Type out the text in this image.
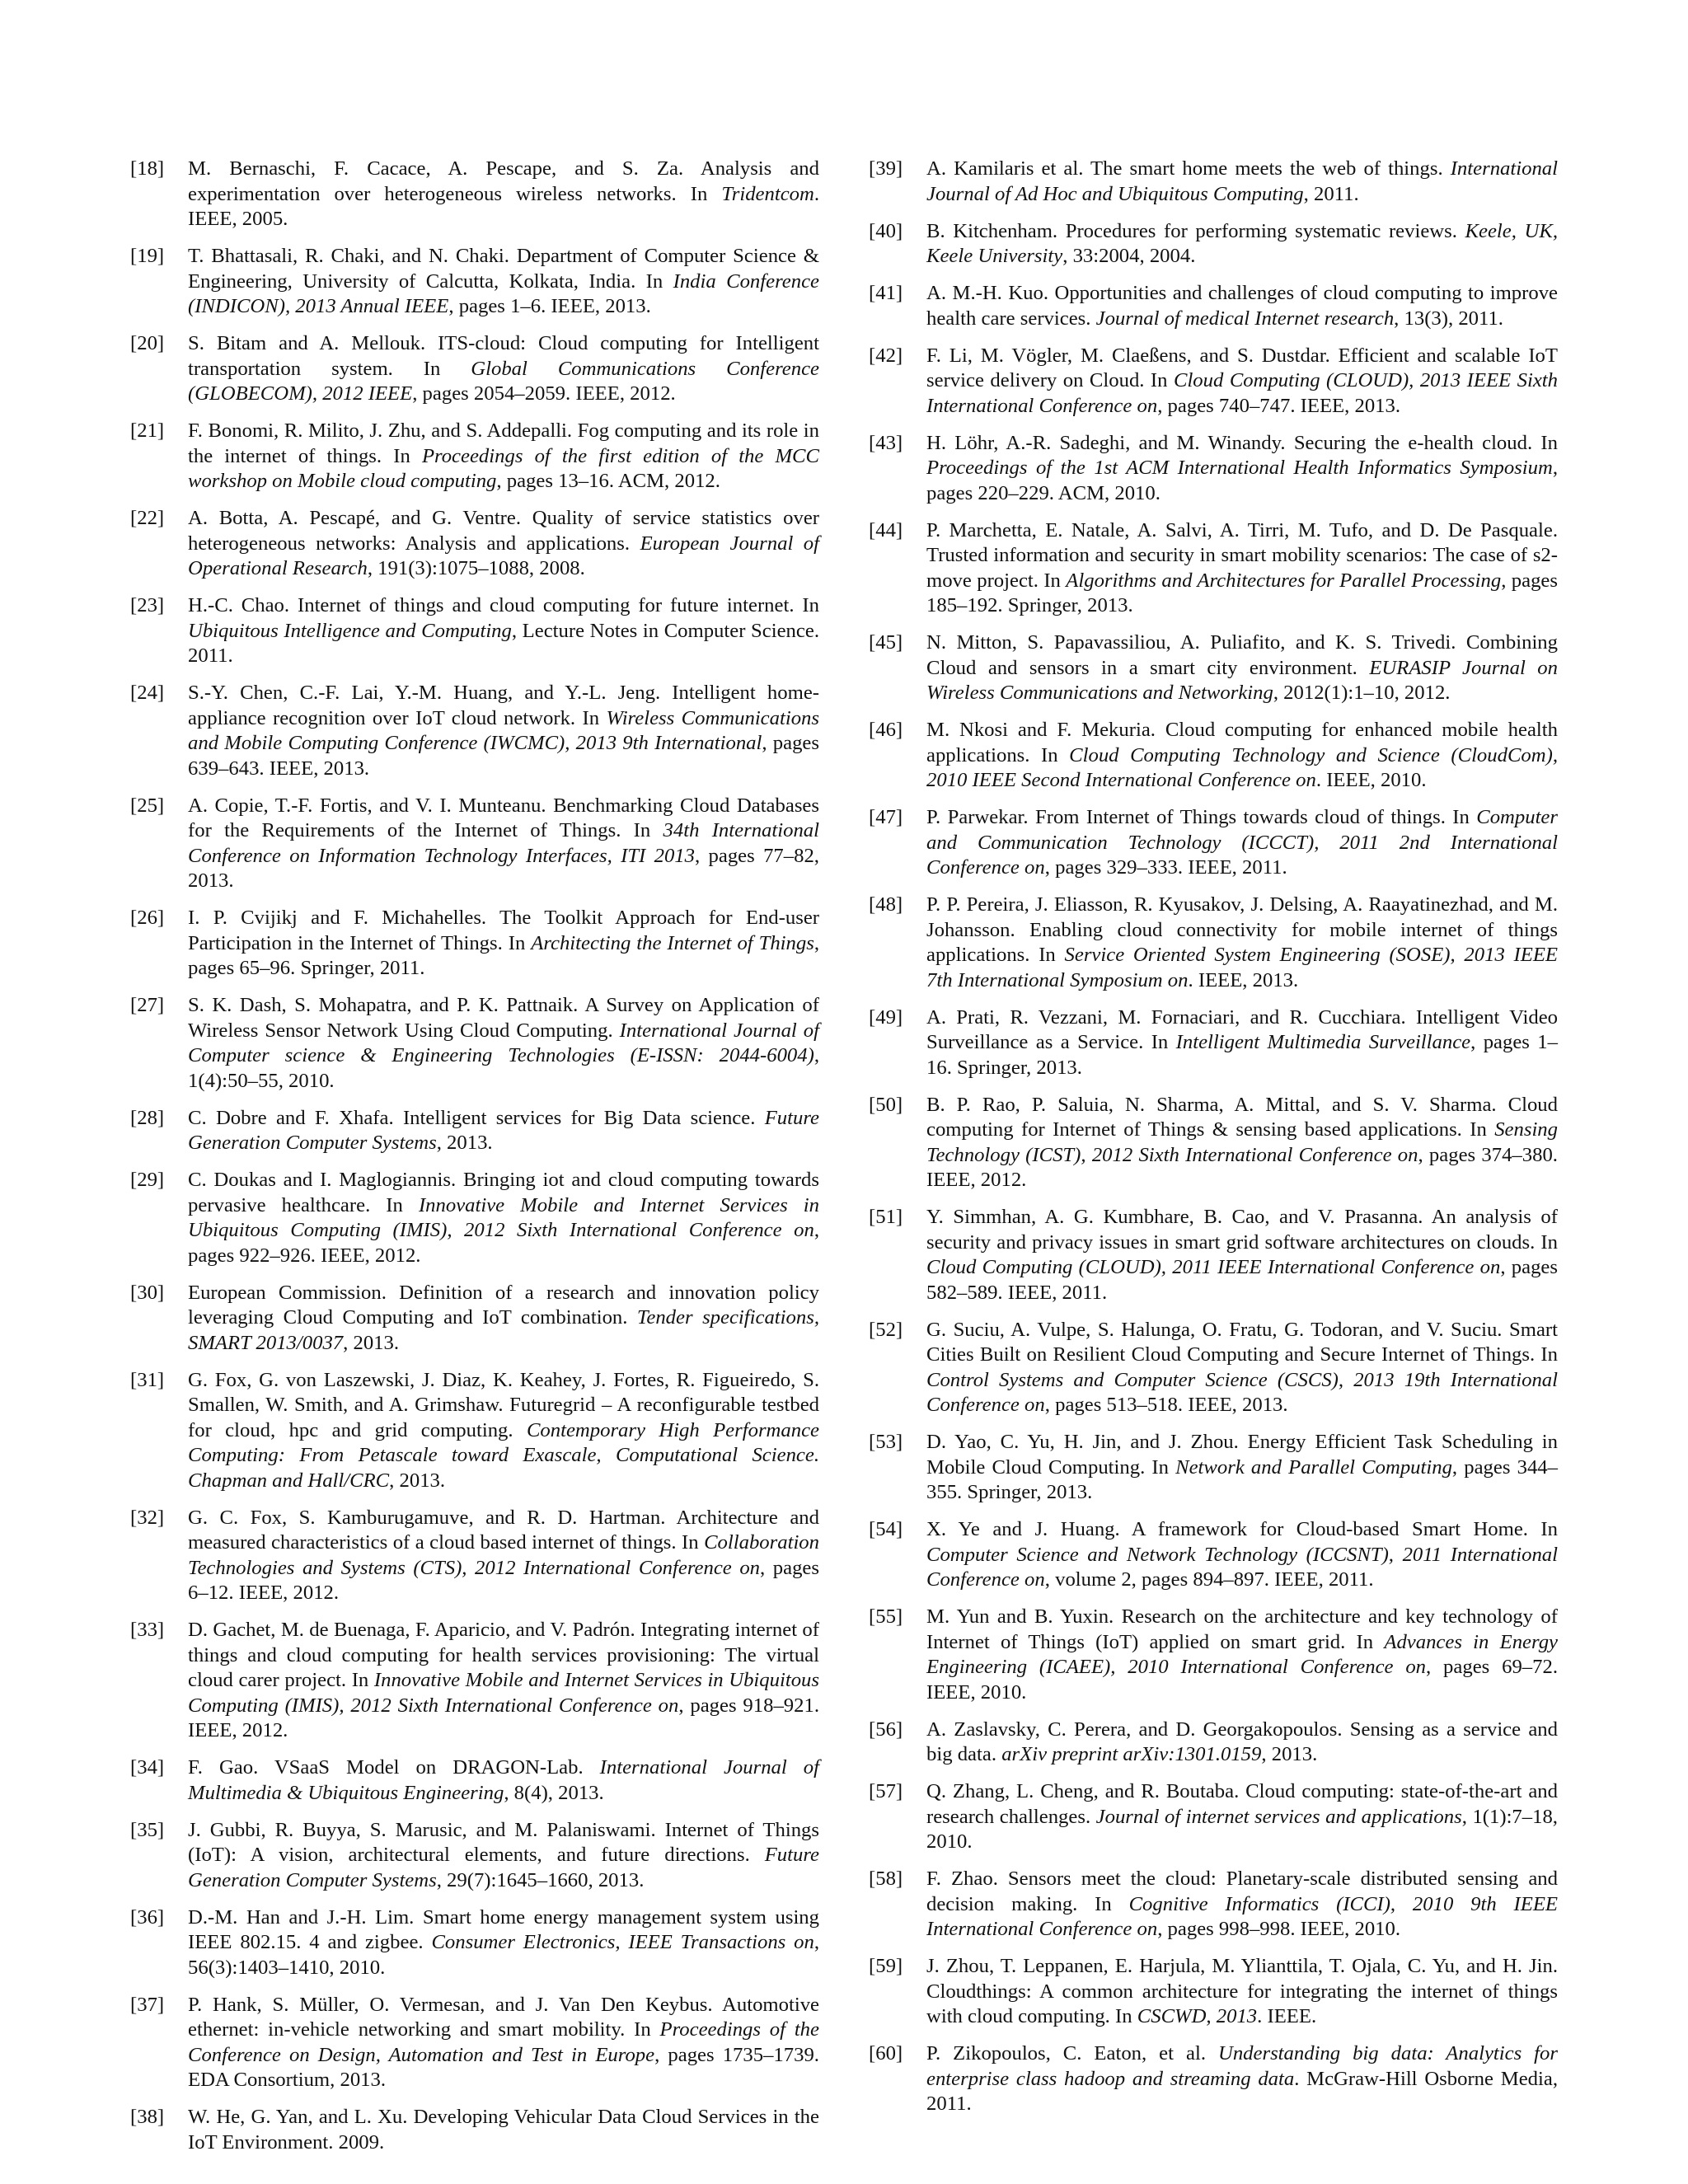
[18] M. Bernaschi, F. Cacace, A. Pescape, and S. Za. Analysis and experimentation over heterogeneous wireless networks. In Tridentcom. IEEE, 2005.
[19] T. Bhattasali, R. Chaki, and N. Chaki. Department of Computer Science & Engineering, University of Calcutta, Kolkata, India. In India Conference (INDICON), 2013 Annual IEEE, pages 1–6. IEEE, 2013.
[20] S. Bitam and A. Mellouk. ITS-cloud: Cloud computing for Intelligent transportation system. In Global Communications Conference (GLOBECOM), 2012 IEEE, pages 2054–2059. IEEE, 2012.
[21] F. Bonomi, R. Milito, J. Zhu, and S. Addepalli. Fog computing and its role in the internet of things. In Proceedings of the first edition of the MCC workshop on Mobile cloud computing, pages 13–16. ACM, 2012.
[22] A. Botta, A. Pescapé, and G. Ventre. Quality of service statistics over heterogeneous networks: Analysis and applications. European Journal of Operational Research, 191(3):1075–1088, 2008.
[23] H.-C. Chao. Internet of things and cloud computing for future internet. In Ubiquitous Intelligence and Computing, Lecture Notes in Computer Science. 2011.
[24] S.-Y. Chen, C.-F. Lai, Y.-M. Huang, and Y.-L. Jeng. Intelligent home-appliance recognition over IoT cloud network. In Wireless Communications and Mobile Computing Conference (IWCMC), 2013 9th International, pages 639–643. IEEE, 2013.
[25] A. Copie, T.-F. Fortis, and V. I. Munteanu. Benchmarking Cloud Databases for the Requirements of the Internet of Things. In 34th International Conference on Information Technology Interfaces, ITI 2013, pages 77–82, 2013.
[26] I. P. Cvijikj and F. Michahelles. The Toolkit Approach for End-user Participation in the Internet of Things. In Architecting the Internet of Things, pages 65–96. Springer, 2011.
[27] S. K. Dash, S. Mohapatra, and P. K. Pattnaik. A Survey on Application of Wireless Sensor Network Using Cloud Computing. International Journal of Computer science & Engineering Technologies (E-ISSN: 2044-6004), 1(4):50–55, 2010.
[28] C. Dobre and F. Xhafa. Intelligent services for Big Data science. Future Generation Computer Systems, 2013.
[29] C. Doukas and I. Maglogiannis. Bringing iot and cloud computing towards pervasive healthcare. In Innovative Mobile and Internet Services in Ubiquitous Computing (IMIS), 2012 Sixth International Conference on, pages 922–926. IEEE, 2012.
[30] European Commission. Definition of a research and innovation policy leveraging Cloud Computing and IoT combination. Tender specifications, SMART 2013/0037, 2013.
[31] G. Fox, G. von Laszewski, J. Diaz, K. Keahey, J. Fortes, R. Figueiredo, S. Smallen, W. Smith, and A. Grimshaw. Futuregrid – A reconfigurable testbed for cloud, hpc and grid computing. Contemporary High Performance Computing: From Petascale toward Exascale, Computational Science. Chapman and Hall/CRC, 2013.
[32] G. C. Fox, S. Kamburugamuve, and R. D. Hartman. Architecture and measured characteristics of a cloud based internet of things. In Collaboration Technologies and Systems (CTS), 2012 International Conference on, pages 6–12. IEEE, 2012.
[33] D. Gachet, M. de Buenaga, F. Aparicio, and V. Padrón. Integrating internet of things and cloud computing for health services provisioning: The virtual cloud carer project. In Innovative Mobile and Internet Services in Ubiquitous Computing (IMIS), 2012 Sixth International Conference on, pages 918–921. IEEE, 2012.
[34] F. Gao. VSaaS Model on DRAGON-Lab. International Journal of Multimedia & Ubiquitous Engineering, 8(4), 2013.
[35] J. Gubbi, R. Buyya, S. Marusic, and M. Palaniswami. Internet of Things (IoT): A vision, architectural elements, and future directions. Future Generation Computer Systems, 29(7):1645–1660, 2013.
[36] D.-M. Han and J.-H. Lim. Smart home energy management system using IEEE 802.15. 4 and zigbee. Consumer Electronics, IEEE Transactions on, 56(3):1403–1410, 2010.
[37] P. Hank, S. Müller, O. Vermesan, and J. Van Den Keybus. Automotive ethernet: in-vehicle networking and smart mobility. In Proceedings of the Conference on Design, Automation and Test in Europe, pages 1735–1739. EDA Consortium, 2013.
[38] W. He, G. Yan, and L. Xu. Developing Vehicular Data Cloud Services in the IoT Environment. 2009.
[39] A. Kamilaris et al. The smart home meets the web of things. International Journal of Ad Hoc and Ubiquitous Computing, 2011.
[40] B. Kitchenham. Procedures for performing systematic reviews. Keele, UK, Keele University, 33:2004, 2004.
[41] A. M.-H. Kuo. Opportunities and challenges of cloud computing to improve health care services. Journal of medical Internet research, 13(3), 2011.
[42] F. Li, M. Vögler, M. Claeßens, and S. Dustdar. Efficient and scalable IoT service delivery on Cloud. In Cloud Computing (CLOUD), 2013 IEEE Sixth International Conference on, pages 740–747. IEEE, 2013.
[43] H. Löhr, A.-R. Sadeghi, and M. Winandy. Securing the e-health cloud. In Proceedings of the 1st ACM International Health Informatics Symposium, pages 220–229. ACM, 2010.
[44] P. Marchetta, E. Natale, A. Salvi, A. Tirri, M. Tufo, and D. De Pasquale. Trusted information and security in smart mobility scenarios: The case of s2-move project. In Algorithms and Architectures for Parallel Processing, pages 185–192. Springer, 2013.
[45] N. Mitton, S. Papavassiliou, A. Puliafito, and K. S. Trivedi. Combining Cloud and sensors in a smart city environment. EURASIP Journal on Wireless Communications and Networking, 2012(1):1–10, 2012.
[46] M. Nkosi and F. Mekuria. Cloud computing for enhanced mobile health applications. In Cloud Computing Technology and Science (CloudCom), 2010 IEEE Second International Conference on. IEEE, 2010.
[47] P. Parwekar. From Internet of Things towards cloud of things. In Computer and Communication Technology (ICCCT), 2011 2nd International Conference on, pages 329–333. IEEE, 2011.
[48] P. P. Pereira, J. Eliasson, R. Kyusakov, J. Delsing, A. Raayatinezhad, and M. Johansson. Enabling cloud connectivity for mobile internet of things applications. In Service Oriented System Engineering (SOSE), 2013 IEEE 7th International Symposium on. IEEE, 2013.
[49] A. Prati, R. Vezzani, M. Fornaciari, and R. Cucchiara. Intelligent Video Surveillance as a Service. In Intelligent Multimedia Surveillance, pages 1–16. Springer, 2013.
[50] B. P. Rao, P. Saluia, N. Sharma, A. Mittal, and S. V. Sharma. Cloud computing for Internet of Things & sensing based applications. In Sensing Technology (ICST), 2012 Sixth International Conference on, pages 374–380. IEEE, 2012.
[51] Y. Simmhan, A. G. Kumbhare, B. Cao, and V. Prasanna. An analysis of security and privacy issues in smart grid software architectures on clouds. In Cloud Computing (CLOUD), 2011 IEEE International Conference on, pages 582–589. IEEE, 2011.
[52] G. Suciu, A. Vulpe, S. Halunga, O. Fratu, G. Todoran, and V. Suciu. Smart Cities Built on Resilient Cloud Computing and Secure Internet of Things. In Control Systems and Computer Science (CSCS), 2013 19th International Conference on, pages 513–518. IEEE, 2013.
[53] D. Yao, C. Yu, H. Jin, and J. Zhou. Energy Efficient Task Scheduling in Mobile Cloud Computing. In Network and Parallel Computing, pages 344–355. Springer, 2013.
[54] X. Ye and J. Huang. A framework for Cloud-based Smart Home. In Computer Science and Network Technology (ICCSNT), 2011 International Conference on, volume 2, pages 894–897. IEEE, 2011.
[55] M. Yun and B. Yuxin. Research on the architecture and key technology of Internet of Things (IoT) applied on smart grid. In Advances in Energy Engineering (ICAEE), 2010 International Conference on, pages 69–72. IEEE, 2010.
[56] A. Zaslavsky, C. Perera, and D. Georgakopoulos. Sensing as a service and big data. arXiv preprint arXiv:1301.0159, 2013.
[57] Q. Zhang, L. Cheng, and R. Boutaba. Cloud computing: state-of-the-art and research challenges. Journal of internet services and applications, 1(1):7–18, 2010.
[58] F. Zhao. Sensors meet the cloud: Planetary-scale distributed sensing and decision making. In Cognitive Informatics (ICCI), 2010 9th IEEE International Conference on, pages 998–998. IEEE, 2010.
[59] J. Zhou, T. Leppanen, E. Harjula, M. Ylianttila, T. Ojala, C. Yu, and H. Jin. Cloudthings: A common architecture for integrating the internet of things with cloud computing. In CSCWD, 2013. IEEE.
[60] P. Zikopoulos, C. Eaton, et al. Understanding big data: Analytics for enterprise class hadoop and streaming data. McGraw-Hill Osborne Media, 2011.
